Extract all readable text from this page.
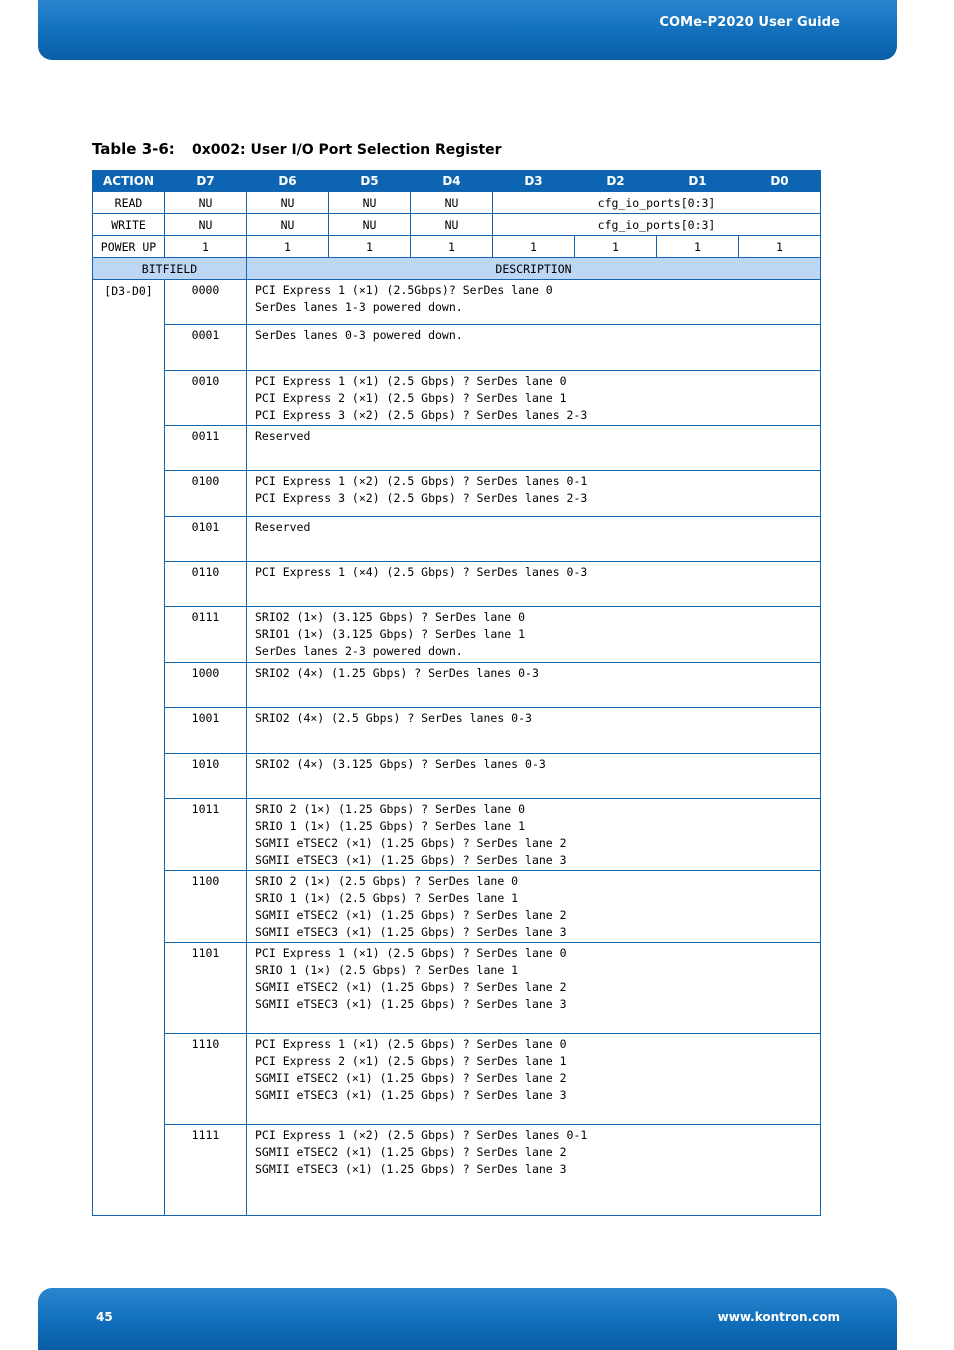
COMe-P2020 User Guide
Table 3-6: 0x002: User I/O Port Selection Register
ACTION	D7	D6	D5	D4	D3	D2	D1	D0
READ	NU	NU	NU	NU	cfg_io_ports[0:3]			
WRITE	NU	NU	NU	NU	cfg_io_ports[0:3]			
POWER UP	1	1	1	1	1	1	1	1
BITFIELD		DESCRIPTION						
[D3-D0]	0000	PCI Express 1 (×1) (2.5Gbps)? SerDes lane 0
SerDes lanes 1-3 powered down.						

	0001	SerDes lanes 0-3 powered down.						

	0010	PCI Express 1 (×1) (2.5 Gbps) ? SerDes lane 0
PCI Express 2 (×1) (2.5 Gbps) ? SerDes lane 1
PCI Express 3 (×2) (2.5 Gbps) ? SerDes lanes 2-3						

	0011	Reserved						

	0100	PCI Express 1 (×2) (2.5 Gbps) ? SerDes lanes 0-1
PCI Express 3 (×2) (2.5 Gbps) ? SerDes lanes 2-3						

	0101	Reserved						

	0110	PCI Express 1 (×4) (2.5 Gbps) ? SerDes lanes 0-3						

	0111	SRIO2 (1×) (3.125 Gbps) ? SerDes lane 0
SRIO1 (1×) (3.125 Gbps) ? SerDes lane 1
SerDes lanes 2-3 powered down.						

	1000	SRIO2 (4×) (1.25 Gbps) ? SerDes lanes 0-3						

	1001	SRIO2 (4×) (2.5 Gbps) ? SerDes lanes 0-3						

	1010	SRIO2 (4×) (3.125 Gbps) ? SerDes lanes 0-3						

	1011	SRIO 2 (1×) (1.25 Gbps) ? SerDes lane 0
SRIO 1 (1×) (1.25 Gbps) ? SerDes lane 1
SGMII eTSEC2 (×1) (1.25 Gbps) ? SerDes lane 2
SGMII eTSEC3 (×1) (1.25 Gbps) ? SerDes lane 3						

	1100	SRIO 2 (1×) (2.5 Gbps) ? SerDes lane 0
SRIO 1 (1×) (2.5 Gbps) ? SerDes lane 1
SGMII eTSEC2 (×1) (1.25 Gbps) ? SerDes lane 2
SGMII eTSEC3 (×1) (1.25 Gbps) ? SerDes lane 3						

	1101	PCI Express 1 (×1) (2.5 Gbps) ? SerDes lane 0
SRIO 1 (1×) (2.5 Gbps) ? SerDes lane 1
SGMII eTSEC2 (×1) (1.25 Gbps) ? SerDes lane 2
SGMII eTSEC3 (×1) (1.25 Gbps) ? SerDes lane 3						

	1110	PCI Express 1 (×1) (2.5 Gbps) ? SerDes lane 0
PCI Express 2 (×1) (2.5 Gbps) ? SerDes lane 1
SGMII eTSEC2 (×1) (1.25 Gbps) ? SerDes lane 2
SGMII eTSEC3 (×1) (1.25 Gbps) ? SerDes lane 3						

	1111	PCI Express 1 (×2) (2.5 Gbps) ? SerDes lanes 0-1
SGMII eTSEC2 (×1) (1.25 Gbps) ? SerDes lane 2
SGMII eTSEC3 (×1) (1.25 Gbps) ? SerDes lane 3						
45	www.kontron.com
